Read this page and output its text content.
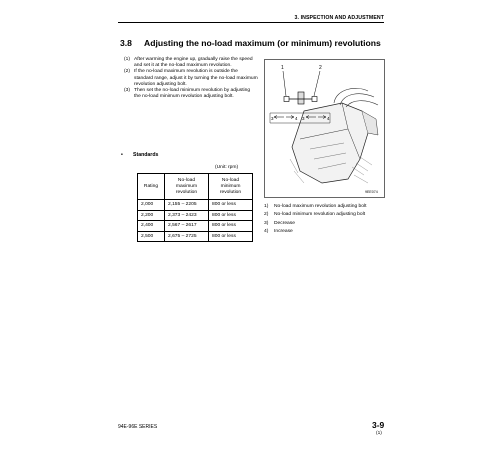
3. INSPECTION AND ADJUSTMENT
3.8 Adjusting the no-load maximum (or minimum) revolutions
(1) After warming the engine up, gradually raise the speed and set it at the no-load maximum revolution.
(2) If the no-load maximum revolution is outside the standard range, adjust it by turning the no-load maximum revolution adjusting bolt.
(3) Then set the no-load minimum revolution by adjusting the no-load minimum revolution adjusting bolt.
• Standards
(Unit: rpm)
Rating	No-load maximum revolution	No-load minimum revolution
2,000	2,155 – 2205	800 or less
2,200	2,373 – 2423	800 or less
2,400	2,567 – 2617	800 or less
2,500	2,675 – 2725	800 or less
1	2
3	4 3	4
9EE074
1)	No-load maximum revolution adjusting bolt
2)	No-load minimum revolution adjusting bolt
3)	Decrease
4)	Increase
94E-96E SERIES	3-9
(1)
